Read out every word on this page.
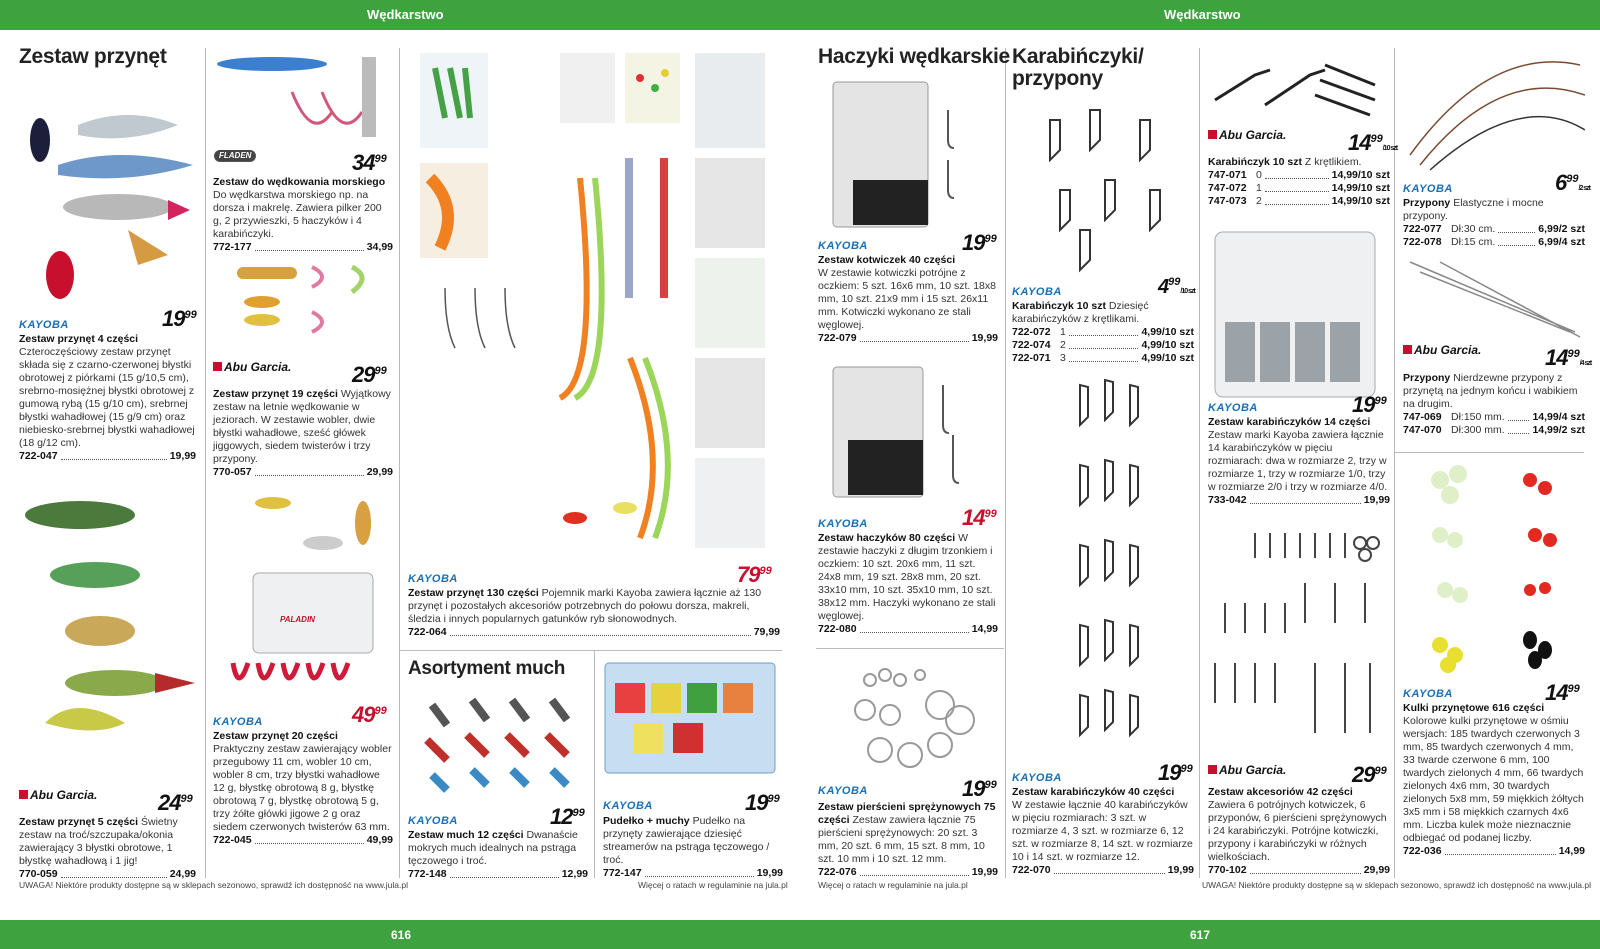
Wędkarstwo	Wędkarstwo
616	617
Zestaw przynęt
Asortyment much
Haczyki wędkarskie Karabińczyki/ przypony
KAYOBA	$19^{99}$
Zestaw przynęt 4 części Czteroczęściowy zestaw przynęt składa się z czarno-czerwonej błystki obrotowej z piórkami (15 g/10,5 cm), srebrno-mosiężnej błystki obrotowej z gumową rybą (15 g/10 cm), srebrnej błystki wahadłowej (15 g/9 cm) oraz niebiesko-srebrnej błystki wahadłowej (18 g/12 cm).
722-047	19,99
Abu Garcia.	$24^{99}$
Zestaw przynęt 5 części Świetny zestaw na troć/szczupaka/okonia zawierający 3 błystki obrotowe, 1 błystkę wahadłową i 1 jig!
770-059	24,99
FLADEN	$34^{99}$
Zestaw do wędkowania morskiego Do wędkarstwa morskiego np. na dorsza i makrelę. Zawiera pilker 200 g, 2 przywieszki, 5 haczyków i 4 karabińczyki.
772-177	34,99
Abu Garcia.	$29^{99}$
Zestaw przynęt 19 części Wyjątkowy zestaw na letnie wędkowanie w jeziorach. W zestawie wobler, dwie błystki wahadłowe, sześć główek jiggowych, siedem twisterów i trzy przypony.
770-057	29,99
PALADIN
KAYOBA	$49^{99}$
Zestaw przynęt 20 części
Praktyczny zestaw zawierający wobler przegubowy 11 cm, wobler 10 cm, wobler 8 cm, trzy błystki wahadłowe 12 g, błystkę obrotową 8 g, błystkę obrotową 7 g, błystkę obrotową 5 g, trzy żółte główki jigowe 2 g oraz siedem czerwonych twisterów 63 mm.
722-045	49,99
$79^{99}$
KAYOBA
Zestaw przynęt 130 części Pojemnik marki Kayoba zawiera łącznie aż 130 przynęt i pozostałych akcesoriów potrzebnych do połowu dorsza, makreli, śledzia i innych popularnych gatunków ryb słonowodnych.
722-064	79,99
KAYOBA	$12^{99}$
Zestaw much 12 części Dwanaście mokrych much idealnych na pstrąga tęczowego i troć.
772-148	12,99
KAYOBA	$19^{99}$
Pudełko + muchy Pudełko na przynęty zawierające dziesięć streamerów na pstrąga tęczowego / troć.
772-147	19,99
UWAGA! Niektóre produkty dostępne są w sklepach sezonowo, sprawdź ich dostępność na www.jula.pl	Więcej o ratach w regulaminie na jula.pl	Więcej o ratach w regulaminie na jula.pl	UWAGA! Niektóre produkty dostępne są w sklepach sezonowo, sprawdź ich dostępność na www.jula.pl
KAYOBA	$19^{99}$
Zestaw kotwiczek 40 części
W zestawie kotwiczki potrójne z oczkiem: 5 szt. 16x6 mm, 10 szt. 18x8 mm, 10 szt. 21x9 mm i 15 szt. 26x11 mm. Kotwiczki wykonano ze stali węglowej.
722-079	19,99
KAYOBA	$14^{99}$
Zestaw haczyków 80 części W zestawie haczyki z długim trzonkiem i oczkiem: 10 szt. 20x6 mm, 11 szt. 24x8 mm, 19 szt. 28x8 mm, 20 szt. 33x10 mm, 10 szt. 35x10 mm, 10 szt. 38x12 mm. Haczyki wykonano ze stali węglowej.
722-080	14,99
KAYOBA	$19^{99}$
Zestaw pierścieni sprężynowych 75 części Zestaw zawiera łącznie 75 pierścieni sprężynowych: 20 szt. 3 mm, 20 szt. 6 mm, 15 szt. 8 mm, 10 szt. 10 mm i 10 szt. 12 mm.
722-076	19,99
KAYOBA	$4^{99}/10$ szt
Karabińczyk 10 szt Dziesięć karabińczyków z krętlikami.
722-072 1	4,99/10 szt
722-074 2	4,99/10 szt
722-071 3	4,99/10 szt
KAYOBA	$19^{99}$
Zestaw karabińczyków 40 części
W zestawie łącznie 40 karabińczyków w pięciu rozmiarach: 3 szt. w rozmiarze 4, 3 szt. w rozmiarze 6, 12 szt. w rozmiarze 8, 14 szt. w rozmiarze 10 i 14 szt. w rozmiarze 12.
722-070	19,99
Abu Garcia.	$14^{99}/10$ szt
Karabińczyk 10 szt Z krętlikiem.
747-071 0	14,99/10 szt
747-072 1	14,99/10 szt
747-073 2	14,99/10 szt
KAYOBA	$19^{99}$
Zestaw karabińczyków 14 części
Zestaw marki Kayoba zawiera łącznie 14 karabińczyków w pięciu rozmiarach: dwa w rozmiarze 2, trzy w rozmiarze 1, trzy w rozmiarze 1/0, trzy w rozmiarze 2/0 i trzy w rozmiarze 4/0.
733-042	19,99
Abu Garcia.	$29^{99}$
Zestaw akcesoriów 42 części
Zawiera 6 potrójnych kotwiczek, 6 przyponów, 6 pierścieni sprężynowych i 24 karabińczyki. Potrójne kotwiczki, przypony i karabińczyki w różnych wielkościach.
770-102	29,99
KAYOBA	$6^{99}/2$ szt
Przypony Elastyczne i mocne przypony.
722-077 Dł:30 cm.	6,99/2 szt
722-078 Dł:15 cm.	6,99/4 szt
Abu Garcia.	$14^{99}/4$ szt
Przypony Nierdzewne przypony z przynętą na jednym końcu i wabikiem na drugim.
747-069 Dł:150 mm.	14,99/4 szt
747-070 Dł:300 mm.	14,99/2 szt
KAYOBA	$14^{99}$
Kulki przynętowe 616 części
Kolorowe kulki przynętowe w ośmiu wersjach: 185 twardych czerwonych 3 mm, 85 twardych czerwonych 4 mm, 33 twarde czerwone 6 mm, 100 twardych zielonych 4 mm, 66 twardych zielonych 4x6 mm, 30 twardych zielonych 5x8 mm, 59 miękkich żółtych 3x5 mm i 58 miękkich czarnych 4x6 mm. Liczba kulek może nieznacznie odbiegać od podanej liczby.
722-036	14,99
